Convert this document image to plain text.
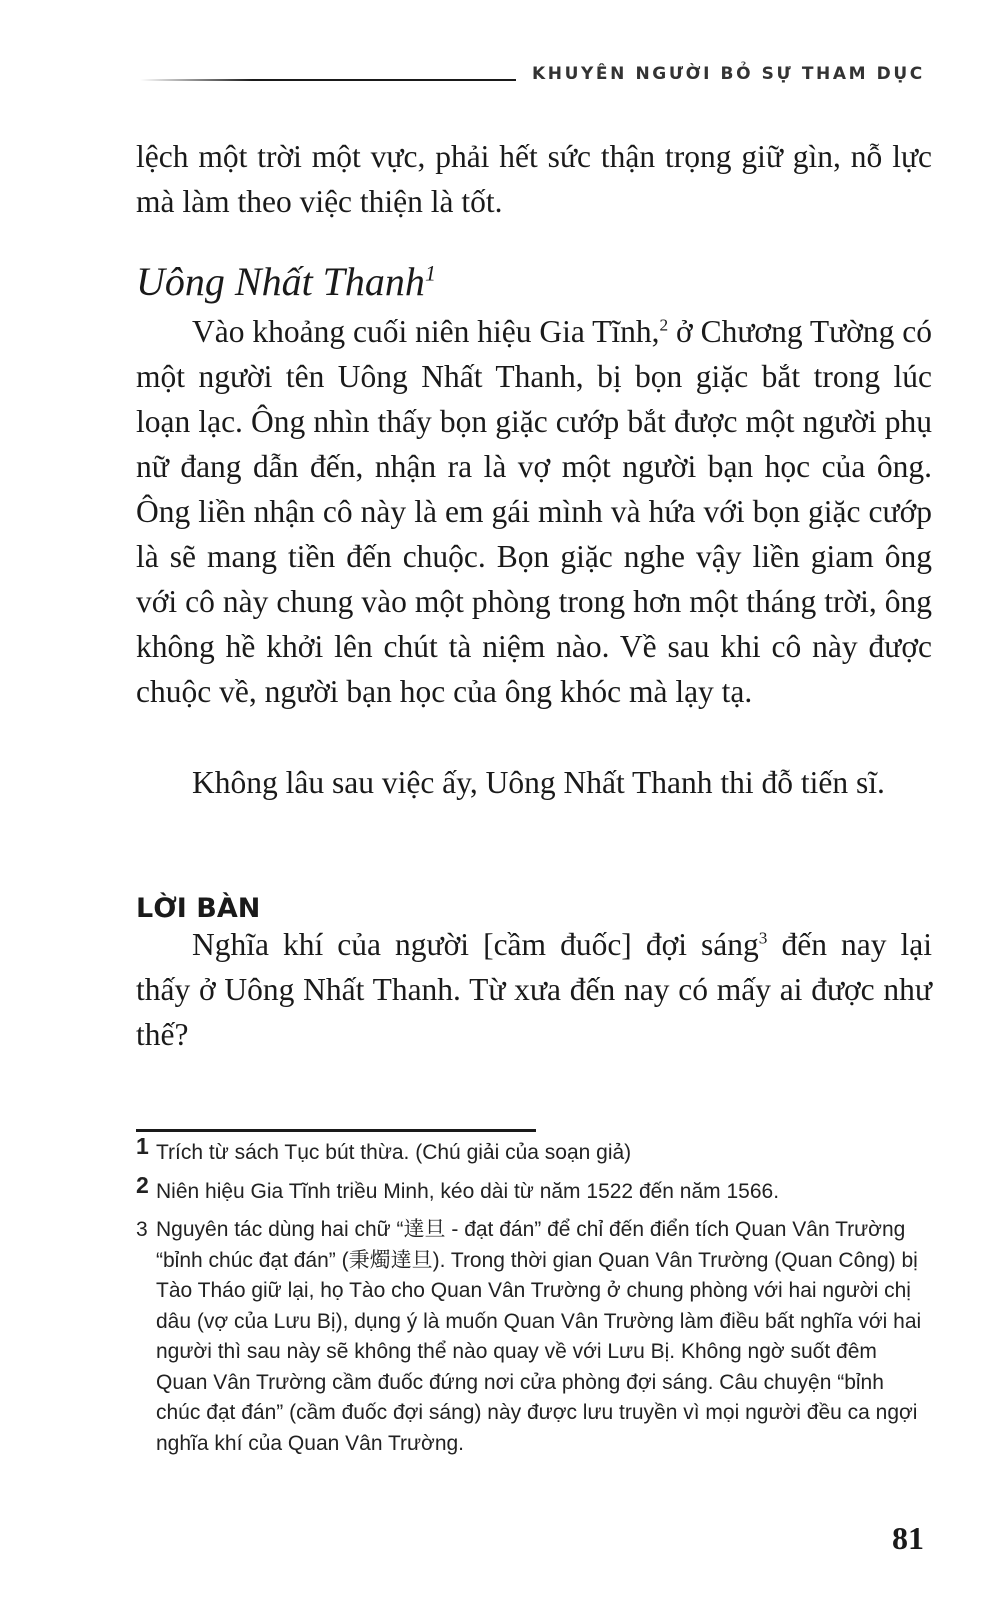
KHUYÊN NGƯỜI BỎ SỰ THAM DỤC

lệch một trời một vực, phải hết sức thận trọng giữ gìn, nỗ lực mà làm theo việc thiện là tốt.

Uông Nhất Thanh$^1$

Vào khoảng cuối niên hiệu Gia Tĩnh,$^2$ ở Chương Tường có một người tên Uông Nhất Thanh, bị bọn giặc bắt trong lúc loạn lạc. Ông nhìn thấy bọn giặc cướp bắt được một người phụ nữ đang dẫn đến, nhận ra là vợ một người bạn học của ông. Ông liền nhận cô này là em gái mình và hứa với bọn giặc cướp là sẽ mang tiền đến chuộc. Bọn giặc nghe vậy liền giam ông với cô này chung vào một phòng trong hơn một tháng trời, ông không hề khởi lên chút tà niệm nào. Về sau khi cô này được chuộc về, người bạn học của ông khóc mà lạy tạ.

Không lâu sau việc ấy, Uông Nhất Thanh thi đỗ tiến sĩ.

LỜI BÀN

Nghĩa khí của người [cầm đuốc] đợi sáng$^3$ đến nay lại thấy ở Uông Nhất Thanh. Từ xưa đến nay có mấy ai được như thế?

1 Trích từ sách Tục bút thừa. (Chú giải của soạn giả)

2 Niên hiệu Gia Tĩnh triều Minh, kéo dài từ năm 1522 đến năm 1566.

3 Nguyên tác dùng hai chữ “達旦 - đạt đán” để chỉ đến điển tích Quan Vân Trường “bỉnh chúc đạt đán” (秉燭達旦). Trong thời gian Quan Vân Trường (Quan Công) bị Tào Tháo giữ lại, họ Tào cho Quan Vân Trường ở chung phòng với hai người chị dâu (vợ của Lưu Bị), dụng ý là muốn Quan Vân Trường làm điều bất nghĩa với hai người thì sau này sẽ không thể nào quay về với Lưu Bị. Không ngờ suốt đêm Quan Vân Trường cầm đuốc đứng nơi cửa phòng đợi sáng. Câu chuyện “bỉnh chúc đạt đán” (cầm đuốc đợi sáng) này được lưu truyền vì mọi người đều ca ngợi nghĩa khí của Quan Vân Trường.

81
